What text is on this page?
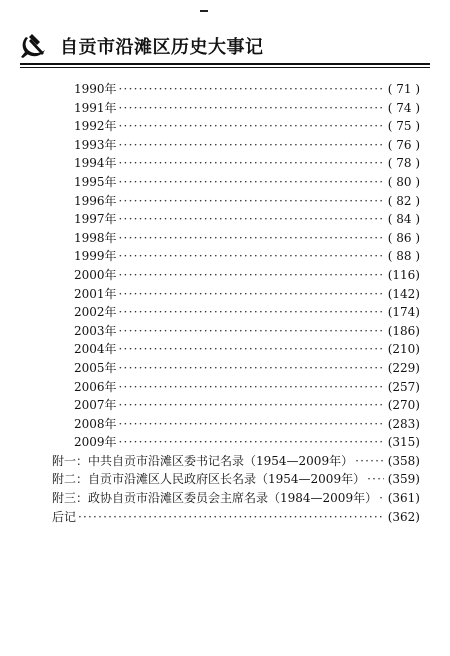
自贡市沿滩区历史大事记
1990年 ·····	( 71 )
1991年 ·····	( 74 )
1992年 ·····	( 75 )
1993年 ·····	( 76 )
1994年 ·····	( 78 )
1995年 ·····	( 80 )
1996年 ·····	( 82 )
1997年 ·····	( 84 )
1998年 ·····	( 86 )
1999年 ·····	( 88 )
2000年 ·····	(116)
2001年 ·····	(142)
2002年 ·····	(174)
2003年 ·····	(186)
2004年 ·····	(210)
2005年 ·····	(229)
2006年 ·····	(257)
2007年 ·····	(270)
2008年 ·····	(283)
2009年 ·····	(315)
附一：中共自贡市沿滩区委书记名录（1954—2009年） ·····	(358)
附二：自贡市沿滩区人民政府区长名录（1954—2009年） ····· (359)
附三：政协自贡市沿滩区委员会主席名录（1984—2009年） ····· (361)
后记 ·····	(362)
